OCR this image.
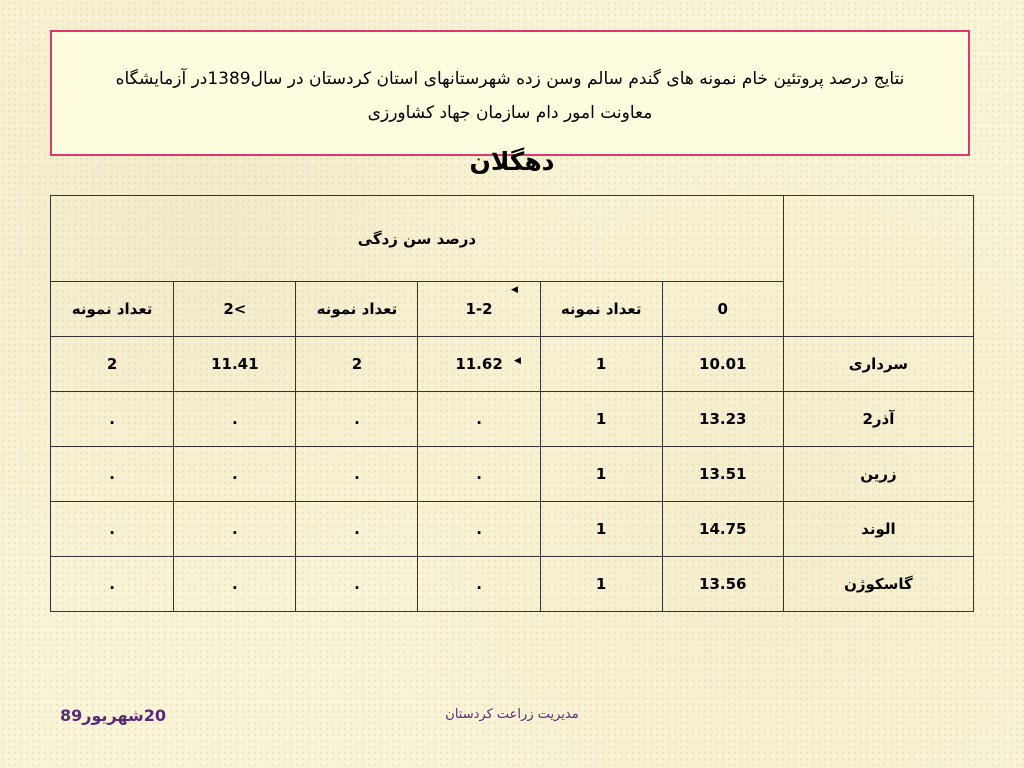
نتایج درصد پروتئین خام نمونه های گندم سالم وسن زده شهرستانهای استان کردستان در سال1389در آزمایشگاه
معاونت امور دام سازمان جهاد کشاورزی
دهگلان
	درصد سن زدگی					
	0	تعداد نمونه	1-2	تعداد نمونه	>2	تعداد نمونه
سرداری	10.01	1	11.62	2	11.41	2
آذر2	13.23	1	.	.	.	.
زرین	13.51	1	.	.	.	.
الوند	14.75	1	.	.	.	.
گاسکوژن	13.56	1	.	.	.	.
◀
◀
مدیریت زراعت کردستان
20شهریور89
